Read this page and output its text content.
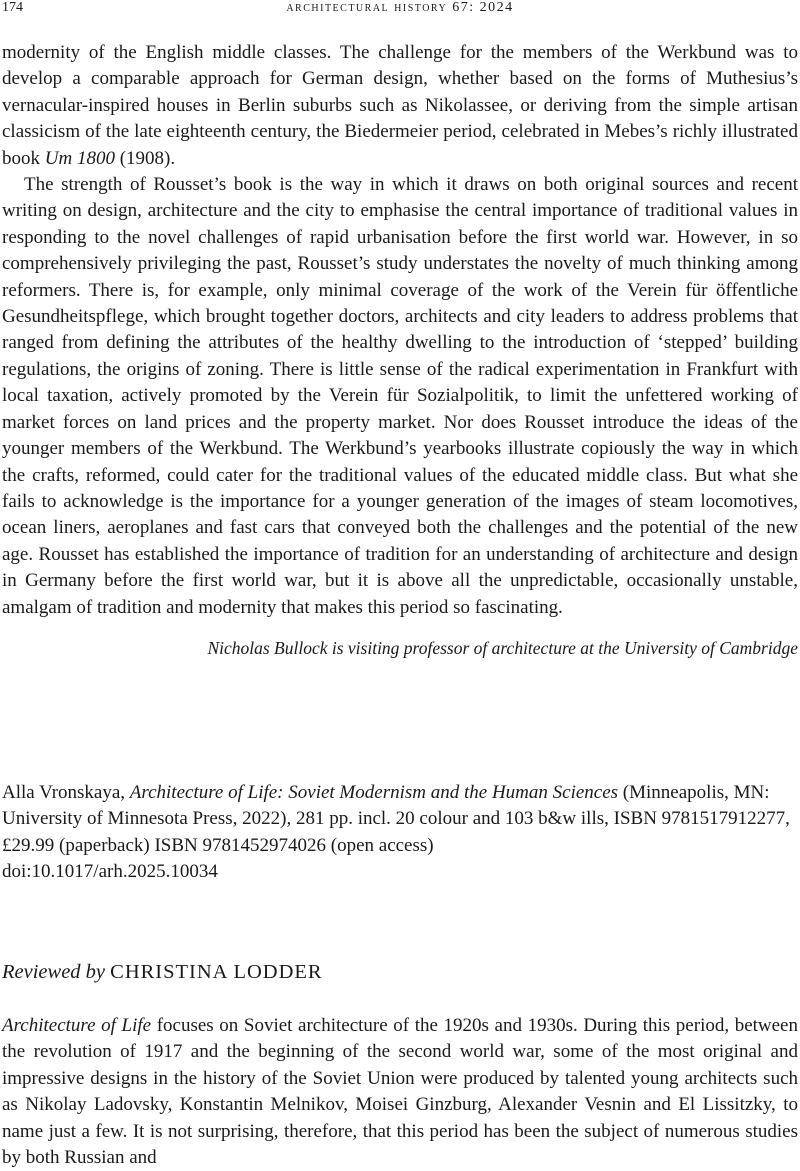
174	architectural history 67: 2024

modernity of the English middle classes. The challenge for the members of the Werkbund was to develop a comparable approach for German design, whether based on the forms of Muthesius’s vernacular-inspired houses in Berlin suburbs such as Nikolassee, or deriving from the simple artisan classicism of the late eighteenth century, the Biedermeier period, celebrated in Mebes’s richly illustrated book Um 1800 (1908).

The strength of Rousset’s book is the way in which it draws on both original sources and recent writing on design, architecture and the city to emphasise the central importance of traditional values in responding to the novel challenges of rapid urbanisation before the first world war. However, in so comprehensively privileging the past, Rousset’s study understates the novelty of much thinking among reformers. There is, for example, only minimal coverage of the work of the Verein für öffentliche Gesundheitspflege, which brought together doctors, architects and city leaders to address problems that ranged from defining the attributes of the healthy dwelling to the introduction of ‘stepped’ building regulations, the origins of zoning. There is little sense of the radical experimentation in Frankfurt with local taxation, actively promoted by the Verein für Sozialpolitik, to limit the unfettered working of market forces on land prices and the property market. Nor does Rousset introduce the ideas of the younger members of the Werkbund. The Werkbund’s yearbooks illustrate copiously the way in which the crafts, reformed, could cater for the traditional values of the educated middle class. But what she fails to acknowledge is the importance for a younger generation of the images of steam locomotives, ocean liners, aeroplanes and fast cars that conveyed both the challenges and the potential of the new age. Rousset has established the importance of tradition for an understanding of architecture and design in Germany before the first world war, but it is above all the unpredictable, occasionally unstable, amalgam of tradition and modernity that makes this period so fascinating.

Nicholas Bullock is visiting professor of architecture at the University of Cambridge

Alla Vronskaya, Architecture of Life: Soviet Modernism and the Human Sciences (Minneapolis, MN: University of Minnesota Press, 2022), 281 pp. incl. 20 colour and 103 b&w ills, ISBN 9781517912277, £29.99 (paperback) ISBN 9781452974026 (open access)

doi:10.1017/arh.2025.10034

Reviewed by CHRISTINA LODDER

Architecture of Life focuses on Soviet architecture of the 1920s and 1930s. During this period, between the revolution of 1917 and the beginning of the second world war, some of the most original and impressive designs in the history of the Soviet Union were produced by talented young architects such as Nikolay Ladovsky, Konstantin Melnikov, Moisei Ginzburg, Alexander Vesnin and El Lissitzky, to name just a few. It is not surprising, therefore, that this period has been the subject of numerous studies by both Russian and
